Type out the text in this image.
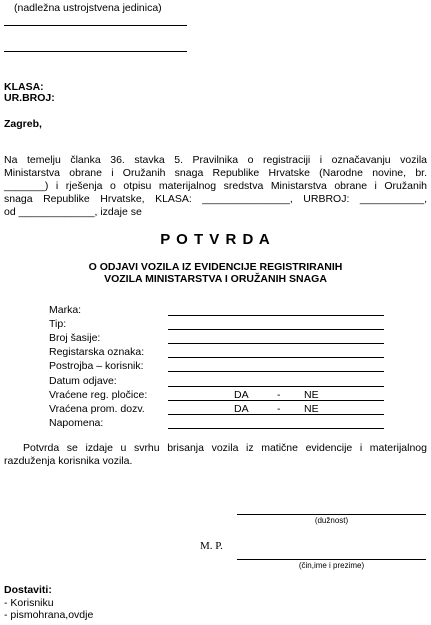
(nadležna ustrojstvena jedinica)
KLASA:
UR.BROJ:
Zagreb,
Na temelju članka 36. stavka 5. Pravilnika o registraciji i označavanju vozila
Ministarstva obrane i Oružanih snaga Republike Hrvatske (Narodne novine, br.
_______) i rješenja o otpisu materijalnog sredstva Ministarstva obrane i Oružanih
snaga Republike Hrvatske, KLASA: _______________, URBROJ: ___________,
od _____________, izdaje se
P O T V R D A
O ODJAVI VOZILA IZ EVIDENCIJE REGISTRIRANIH
VOZILA MINISTARSTVA I ORUŽANIH SNAGA
Marka:
Tip:
Broj šasije:
Registarska oznaka:
Postrojba – korisnik:
Datum odjave:
Vraćene reg. pločice:	DA	- NE
Vraćena prom. dozv.	DA	- NE
Napomena:
Potvrda se izdaje u svrhu brisanja vozila iz matične evidencije i materijalnog
razduženja korisnika vozila.
(dužnost)
M. P.
(čin,ime i prezime)
Dostaviti:
- Korisniku
- pismohrana,ovdje
